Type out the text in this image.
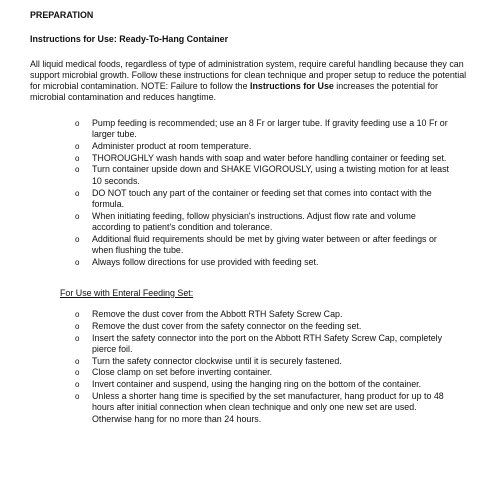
PREPARATION
Instructions for Use: Ready-To-Hang Container

All liquid medical foods, regardless of type of administration system, require careful handling because they can support microbial growth. Follow these instructions for clean technique and proper setup to reduce the potential for microbial contamination. NOTE: Failure to follow the Instructions for Use increases the potential for microbial contamination and reduces hangtime.

o Pump feeding is recommended; use an 8 Fr or larger tube. If gravity feeding use a 10 Fr or larger tube.
o Administer product at room temperature.
o THOROUGHLY wash hands with soap and water before handling container or feeding set.
o Turn container upside down and SHAKE VIGOROUSLY, using a twisting motion for at least 10 seconds.
o DO NOT touch any part of the container or feeding set that comes into contact with the formula.
o When initiating feeding, follow physician's instructions. Adjust flow rate and volume according to patient's condition and tolerance.
o Additional fluid requirements should be met by giving water between or after feedings or when flushing the tube.
o Always follow directions for use provided with feeding set.
For Use with Enteral Feeding Set:
o Remove the dust cover from the Abbott RTH Safety Screw Cap.
o Remove the dust cover from the safety connector on the feeding set.
o Insert the safety connector into the port on the Abbott RTH Safety Screw Cap, completely pierce foil.
o Turn the safety connector clockwise until it is securely fastened.
o Close clamp on set before inverting container.
o Invert container and suspend, using the hanging ring on the bottom of the container.
o Unless a shorter hang time is specified by the set manufacturer, hang product for up to 48 hours after initial connection when clean technique and only one new set are used. Otherwise hang for no more than 24 hours.
